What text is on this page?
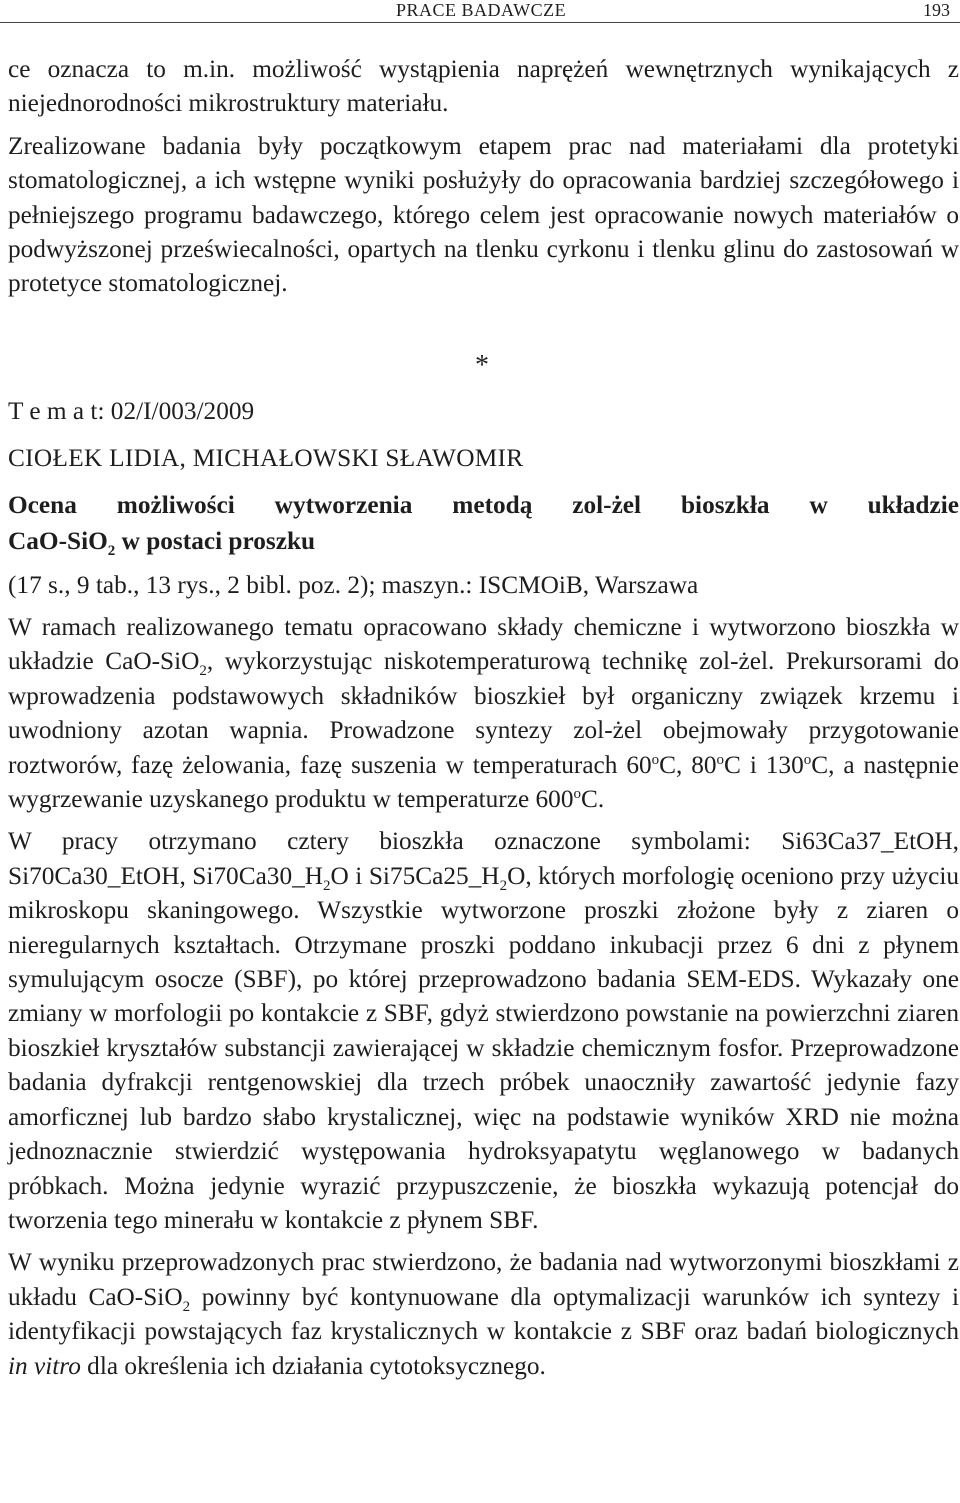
PRACE BADAWCZE	193

ce oznacza to m.in. możliwość wystąpienia naprężeń wewnętrznych wynikających z niejednorodności mikrostruktury materiału.

Zrealizowane badania były początkowym etapem prac nad materiałami dla protetyki stomatologicznej, a ich wstępne wyniki posłużyły do opracowania bardziej szczegółowego i pełniejszego programu badawczego, którego celem jest opracowanie nowych materiałów o podwyższonej przeświecalności, opartych na tlenku cyrkonu i tlenku glinu do zastosowań w protetyce stomatologicznej.

*
T e m a t: 02/I/003/2009
CIOŁEK LIDIA, MICHAŁOWSKI SŁAWOMIR
Ocena możliwości wytworzenia metodą zol-żel bioszkła w układzie
CaO-SiO$_2$ w postaci proszku
(17 s., 9 tab., 13 rys., 2 bibl. poz. 2); maszyn.: ISCMOiB, Warszawa

W ramach realizowanego tematu opracowano składy chemiczne i wytworzono bioszkła w układzie CaO-SiO$_2$, wykorzystując niskotemperaturową technikę zol-żel. Prekursorami do wprowadzenia podstawowych składników bioszkieł był organiczny związek krzemu i uwodniony azotan wapnia. Prowadzone syntezy zol-żel obejmowały przygotowanie roztworów, fazę żelowania, fazę suszenia w temperaturach 60$^o$C, 80$^o$C i 130$^o$C, a następnie wygrzewanie uzyskanego produktu w temperaturze 600$^o$C.

W pracy otrzymano cztery bioszkła oznaczone symbolami: Si63Ca37_EtOH, Si70Ca30_EtOH, $Si70Ca30\_H_2O$ i $Si75Ca25\_H_2O$, których morfologię oceniono przy użyciu mikroskopu skaningowego. Wszystkie wytworzone proszki złożone były z ziaren o nieregularnych kształtach. Otrzymane proszki poddano inkubacji przez 6 dni z płynem symulującym osocze (SBF), po której przeprowadzono badania SEM-EDS. Wykazały one zmiany w morfologii po kontakcie z SBF, gdyż stwierdzono powstanie na powierzchni ziaren bioszkieł kryształów substancji zawierającej w składzie chemicznym fosfor. Przeprowadzone badania dyfrakcji rentgenowskiej dla trzech próbek unaoczniły zawartość jedynie fazy amorficznej lub bardzo słabo krystalicznej, więc na podstawie wyników XRD nie można jednoznacznie stwierdzić występowania hydroksyapatytu węglanowego w badanych próbkach. Można jedynie wyrazić przypuszczenie, że bioszkła wykazują potencjał do tworzenia tego minerału w kontakcie z płynem SBF.

W wyniku przeprowadzonych prac stwierdzono, że badania nad wytworzonymi bioszkłami z układu CaO-SiO$_2$ powinny być kontynuowane dla optymalizacji warunków ich syntezy i identyfikacji powstających faz krystalicznych w kontakcie z SBF oraz badań biologicznych in vitro dla określenia ich działania cytotoksycznego.
